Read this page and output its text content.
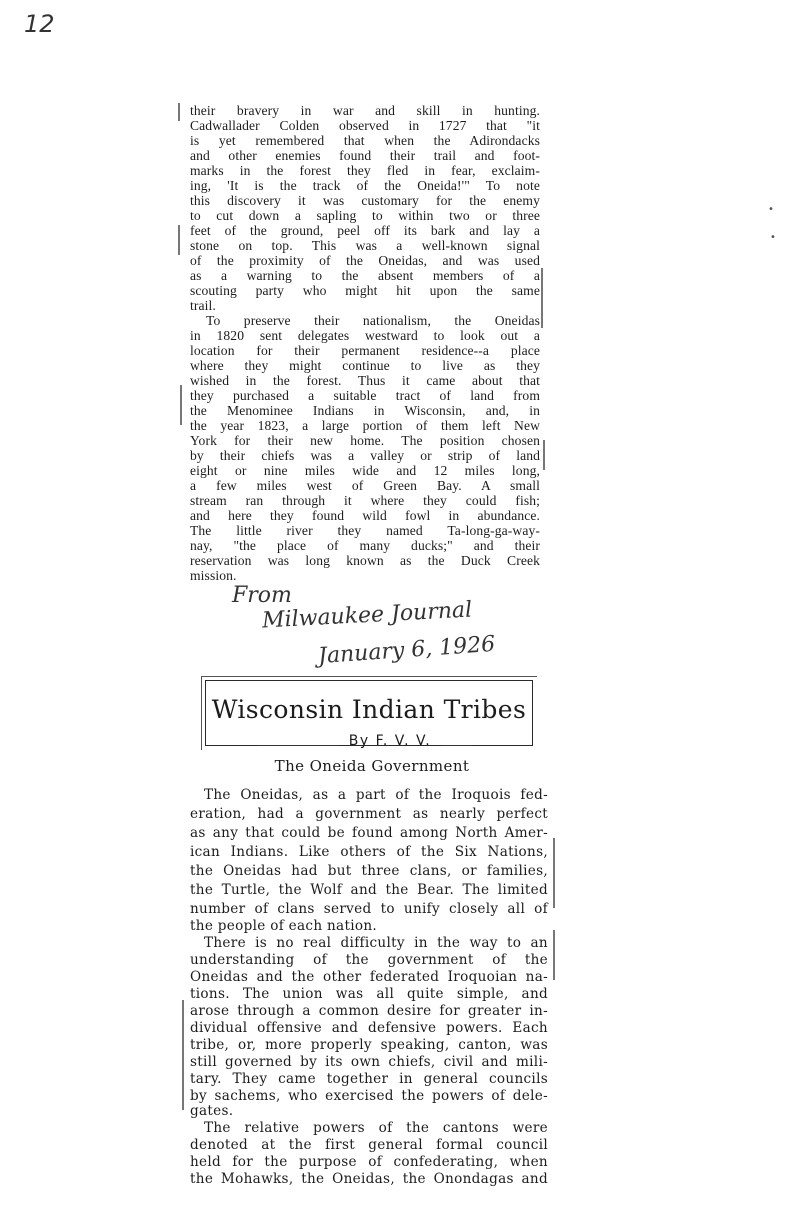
12
their bravery in war and skill in hunting.
Cadwallader Colden observed in 1727 that "it
is yet remembered that when the Adirondacks
and other enemies found their trail and foot-
marks in the forest they fled in fear, exclaim-
ing, 'It is the track of the Oneida!'" To note
this discovery it was customary for the enemy
to cut down a sapling to within two or three
feet of the ground, peel off its bark and lay a
stone on top. This was a well-known signal
of the proximity of the Oneidas, and was used
as a warning to the absent members of a
scouting party who might hit upon the same
trail.
To preserve their nationalism, the Oneidas
in 1820 sent delegates westward to look out a
location for their permanent residence--a place
where they might continue to live as they
wished in the forest. Thus it came about that
they purchased a suitable tract of land from
the Menominee Indians in Wisconsin, and, in
the year 1823, a large portion of them left New
York for their new home. The position chosen
by their chiefs was a valley or strip of land
eight or nine miles wide and 12 miles long,
a few miles west of Green Bay. A small
stream ran through it where they could fish;
and here they found wild fowl in abundance.
The little river they named Ta-long-ga-way-
nay, "the place of many ducks;" and their
reservation was long known as the Duck Creek
mission.
•
•
From
Milwaukee Journal
January 6, 1926
Wisconsin Indian Tribes
By F. V. V.
The Oneida Government
The Oneidas, as a part of the Iroquois fed-
eration, had a government as nearly perfect
as any that could be found among North Amer-
ican Indians. Like others of the Six Nations,
the Oneidas had but three clans, or families,
the Turtle, the Wolf and the Bear. The limited
number of clans served to unify closely all of
the people of each nation.
There is no real difficulty in the way to an
understanding of the government of the
Oneidas and the other federated Iroquoian na-
tions. The union was all quite simple, and
arose through a common desire for greater in-
dividual offensive and defensive powers. Each
tribe, or, more properly speaking, canton, was
still governed by its own chiefs, civil and mili-
tary. They came together in general councils
by sachems, who exercised the powers of dele-
gates.
The relative powers of the cantons were
denoted at the first general formal council
held for the purpose of confederating, when
the Mohawks, the Oneidas, the Onondagas and
